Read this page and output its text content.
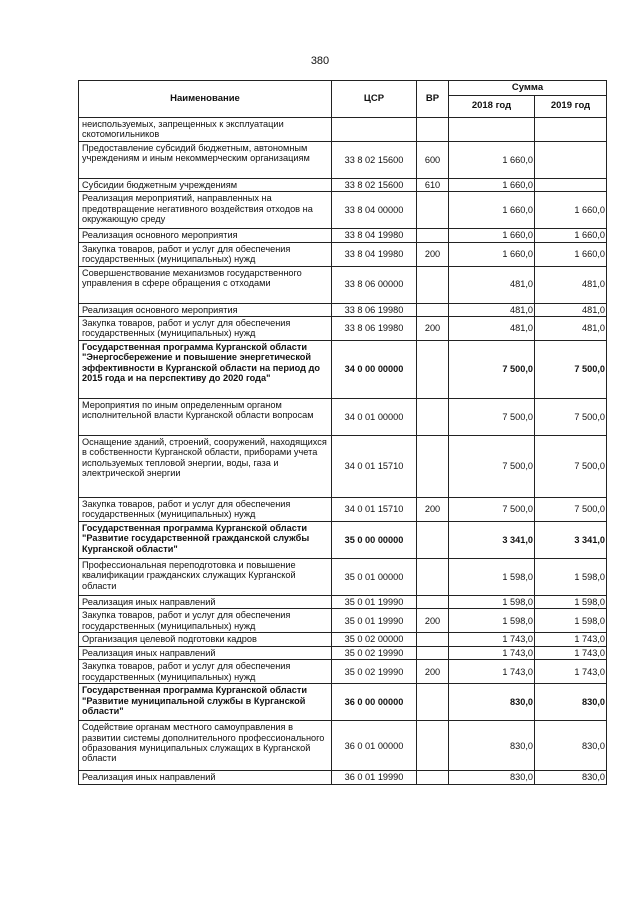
380
Наименование	ЦСР	ВР	Сумма	
			2018 год	2019 год
неиспользуемых, запрещенных к эксплуатации скотомогильников				
Предоставление субсидий бюджетным, автономным учреждениям и иным некоммерческим организациям	33 8 02 15600	600	1 660,0	
Субсидии бюджетным учреждениям	33 8 02 15600	610	1 660,0	
Реализация мероприятий, направленных на предотвращение негативного воздействия отходов на окружающую среду	33 8 04 00000		1 660,0	1 660,0
Реализация основного мероприятия	33 8 04 19980		1 660,0	1 660,0
Закупка товаров, работ и услуг для обеспечения государственных (муниципальных) нужд	33 8 04 19980	200	1 660,0	1 660,0
Совершенствование механизмов государственного управления в сфере обращения с отходами	33 8 06 00000		481,0	481,0
Реализация основного мероприятия	33 8 06 19980		481,0	481,0
Закупка товаров, работ и услуг для обеспечения государственных (муниципальных) нужд	33 8 06 19980	200	481,0	481,0
Государственная программа Курганской области "Энергосбережение и повышение энергетической эффективности в Курганской области на период до 2015 года и на перспективу до 2020 года"	34 0 00 00000		7 500,0	7 500,0
Мероприятия по иным определенным органом исполнительной власти Курганской области вопросам	34 0 01 00000		7 500,0	7 500,0
Оснащение зданий, строений, сооружений, находящихся в собственности Курганской области, приборами учета используемых тепловой энергии, воды, газа и электрической энергии	34 0 01 15710		7 500,0	7 500,0
Закупка товаров, работ и услуг для обеспечения государственных (муниципальных) нужд	34 0 01 15710	200	7 500,0	7 500,0
Государственная программа Курганской области "Развитие государственной гражданской службы Курганской области"	35 0 00 00000		3 341,0	3 341,0
Профессиональная переподготовка и повышение квалификации гражданских служащих Курганской области	35 0 01 00000		1 598,0	1 598,0
Реализация иных направлений	35 0 01 19990		1 598,0	1 598,0
Закупка товаров, работ и услуг для обеспечения государственных (муниципальных) нужд	35 0 01 19990	200	1 598,0	1 598,0
Организация целевой подготовки кадров	35 0 02 00000		1 743,0	1 743,0
Реализация иных направлений	35 0 02 19990		1 743,0	1 743,0
Закупка товаров, работ и услуг для обеспечения государственных (муниципальных) нужд	35 0 02 19990	200	1 743,0	1 743,0
Государственная программа Курганской области "Развитие муниципальной службы в Курганской области"	36 0 00 00000		830,0	830,0
Содействие органам местного самоуправления в развитии системы дополнительного профессионального образования муниципальных служащих в Курганской области	36 0 01 00000		830,0	830,0
Реализация иных направлений	36 0 01 19990		830,0	830,0
